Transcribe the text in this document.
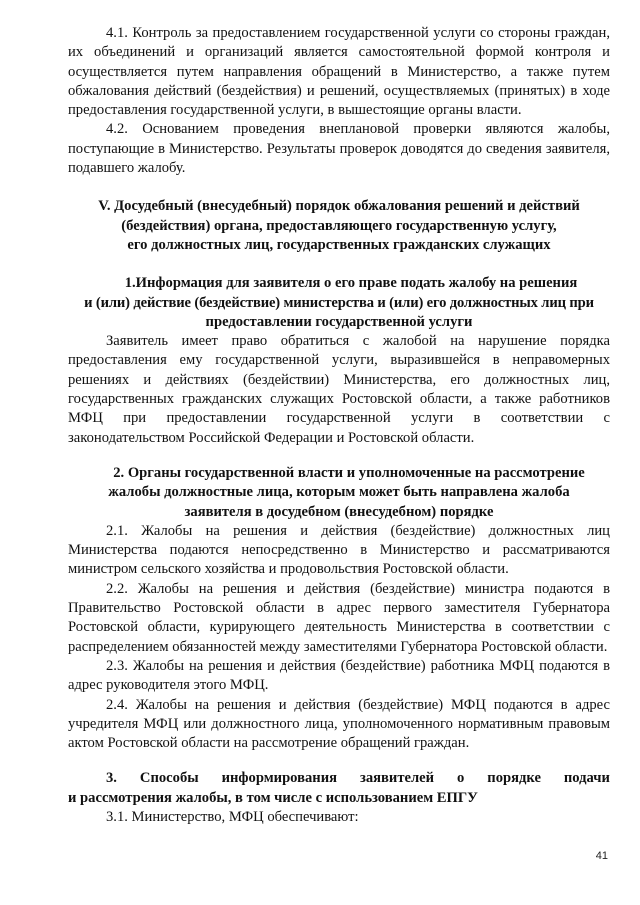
4.1. Контроль за предоставлением государственной услуги со стороны граждан, их объединений и организаций является самостоятельной формой контроля и осуществляется путем направления обращений в Министерство, а также путем обжалования действий (бездействия) и решений, осуществляемых (принятых) в ходе предоставления государственной услуги, в вышестоящие органы власти.

4.2. Основанием проведения внеплановой проверки являются жалобы, поступающие в Министерство. Результаты проверок доводятся до сведения заявителя, подавшего жалобу.

V. Досудебный (внесудебный) порядок обжалования решений и действий

(бездействия) органа, предоставляющего государственную услугу,

его должностных лиц, государственных гражданских служащих

1.Информация для заявителя о его праве подать жалобу на решения

и (или) действие (бездействие) министерства и (или) его должностных лиц при

предоставлении государственной услуги

Заявитель имеет право обратиться с жалобой на нарушение порядка предоставления ему государственной услуги, выразившейся в неправомерных решениях и действиях (бездействии) Министерства, его должностных лиц, государственных гражданских служащих Ростовской области, а также работников МФЦ при предоставлении государственной услуги в соответствии с законодательством Российской Федерации и Ростовской области.

2. Органы государственной власти и уполномоченные на рассмотрение

жалобы должностные лица, которым может быть направлена жалоба

заявителя в досудебном (внесудебном) порядке

2.1. Жалобы на решения и действия (бездействие) должностных лиц Министерства подаются непосредственно в Министерство и рассматриваются министром сельского хозяйства и продовольствия Ростовской области.

2.2. Жалобы на решения и действия (бездействие) министра подаются в Правительство Ростовской области в адрес первого заместителя Губернатора Ростовской области, курирующего деятельность Министерства в соответствии с распределением обязанностей между заместителями Губернатора Ростовской области.

2.3. Жалобы на решения и действия (бездействие) работника МФЦ подаются в адрес руководителя этого МФЦ.

2.4. Жалобы на решения и действия (бездействие) МФЦ подаются в адрес учредителя МФЦ или должностного лица, уполномоченного нормативным правовым актом Ростовской области на рассмотрение обращений граждан.

3. Способы информирования заявителей о порядке подачи

и рассмотрения жалобы, в том числе с использованием ЕПГУ

3.1. Министерство, МФЦ обеспечивают:

41
